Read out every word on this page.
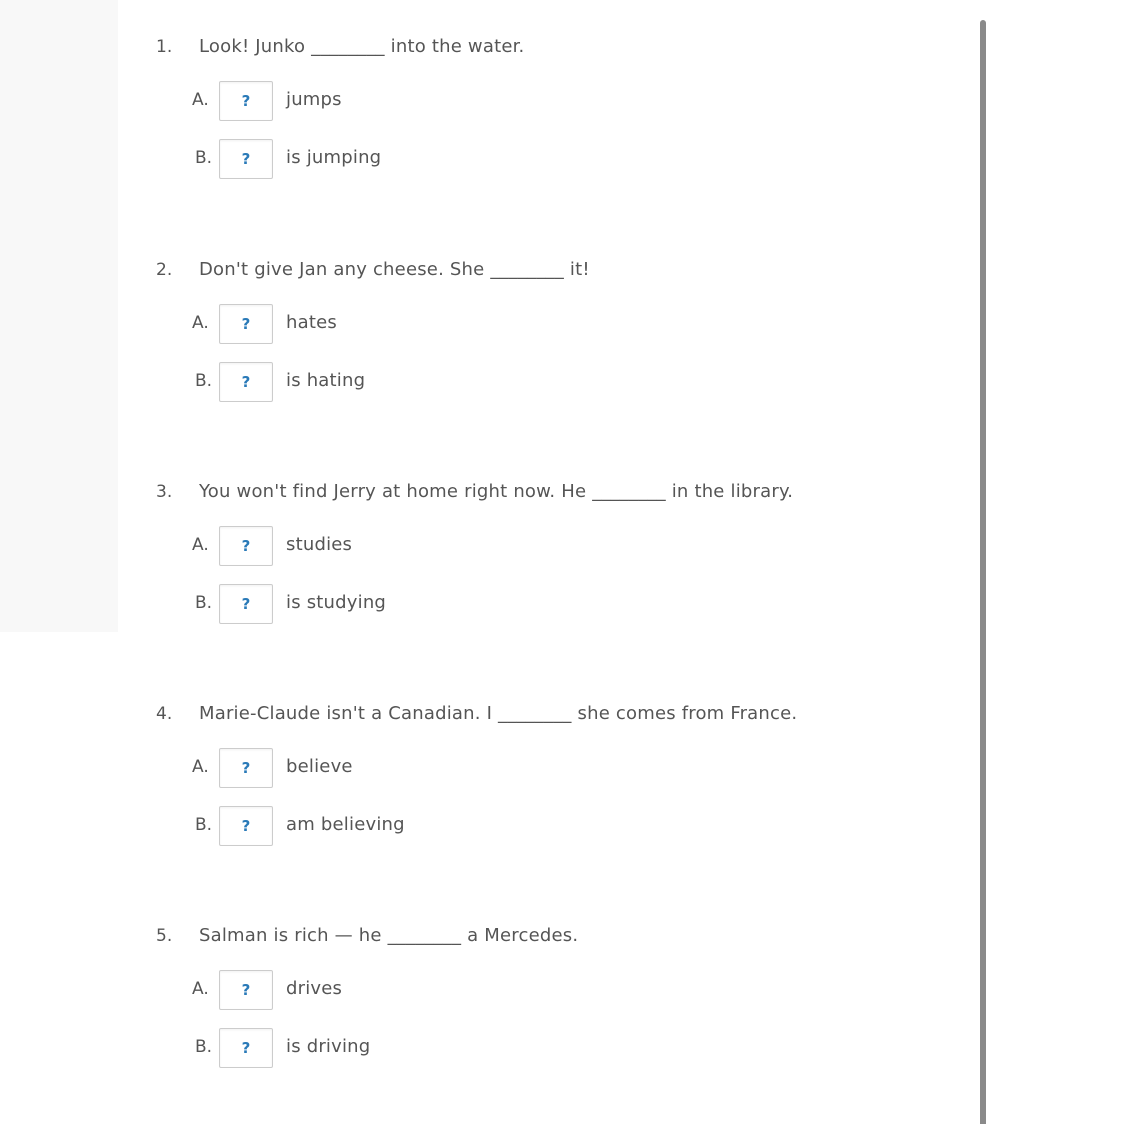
1. Look! Junko ________ into the water.
A.	?	jumps
B.	?	is jumping
2. Don't give Jan any cheese. She ________ it!
A.	?	hates
B.	?	is hating
3. You won't find Jerry at home right now. He ________ in the library.
A.	?	studies
B.	?	is studying
4. Marie-Claude isn't a Canadian. I ________ she comes from France.
A.	?	believe
B.	?	am believing
5. Salman is rich — he ________ a Mercedes.
A.	?	drives
B.	?	is driving
